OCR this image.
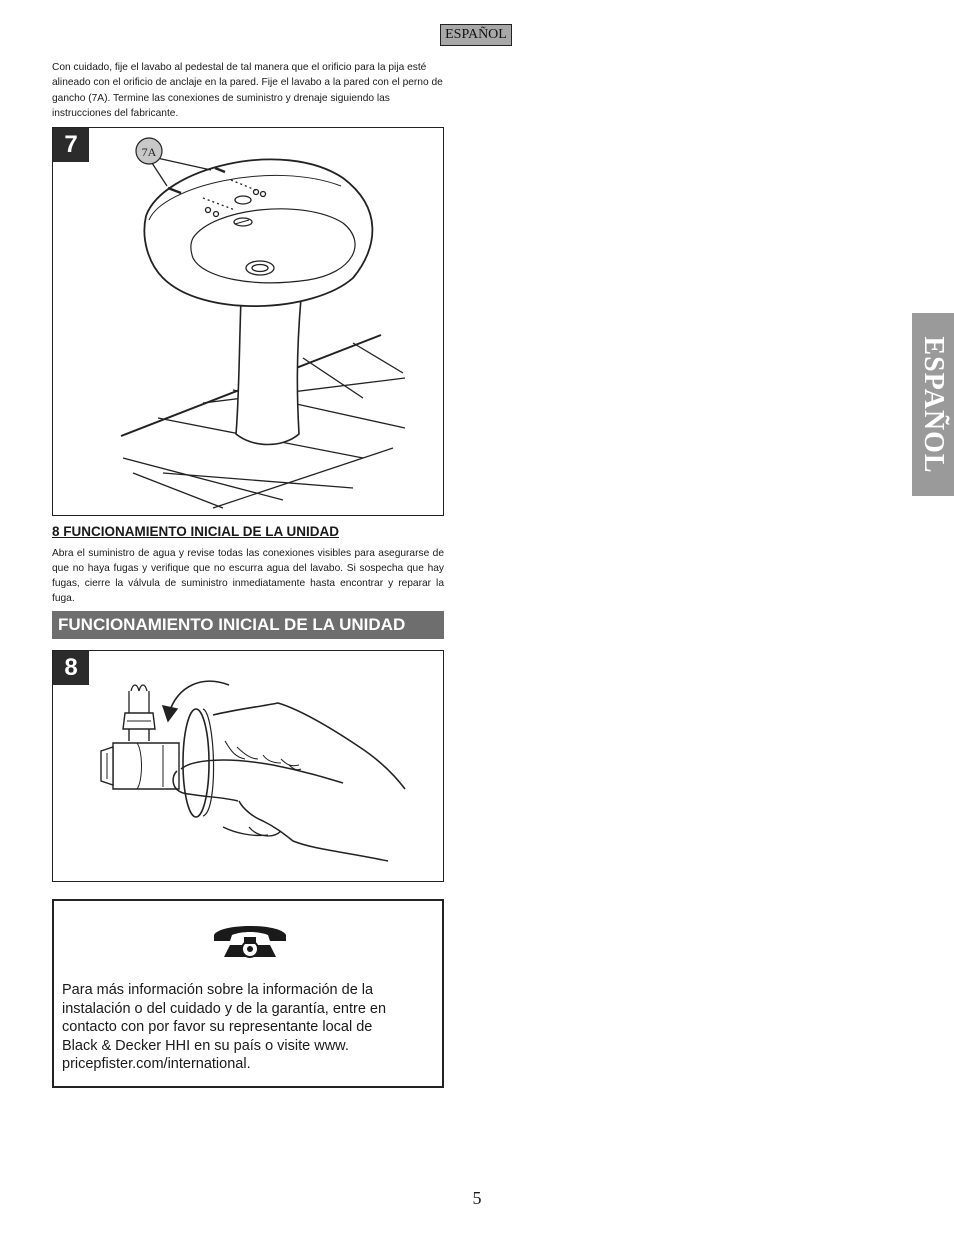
ESPAÑOL
ESPAÑOL

Con cuidado, fije el lavabo al pedestal de tal manera que el orificio para la pija esté alineado con el orificio de anclaje en la pared. Fije el lavabo a la pared con el perno de gancho (7A). Termine las conexiones de suministro y drenaje siguiendo las instrucciones del fabricante.

7A
7
8 FUNCIONAMIENTO INICIAL DE LA UNIDAD

Abra el suministro de agua y revise todas las conexiones visibles para asegurarse de que no haya fugas y verifique que no escurra agua del lavabo. Si sospecha que hay fugas, cierre la válvula de suministro inmediatamente hasta encontrar y reparar la fuga.

FUNCIONAMIENTO INICIAL DE LA UNIDAD
8

Para más información sobre la información de la instalación o del cuidado y de la garantía, entre en contacto con por favor su representante local de Black & Decker HHI en su país o visite www. pricepfister.com/international.

5
